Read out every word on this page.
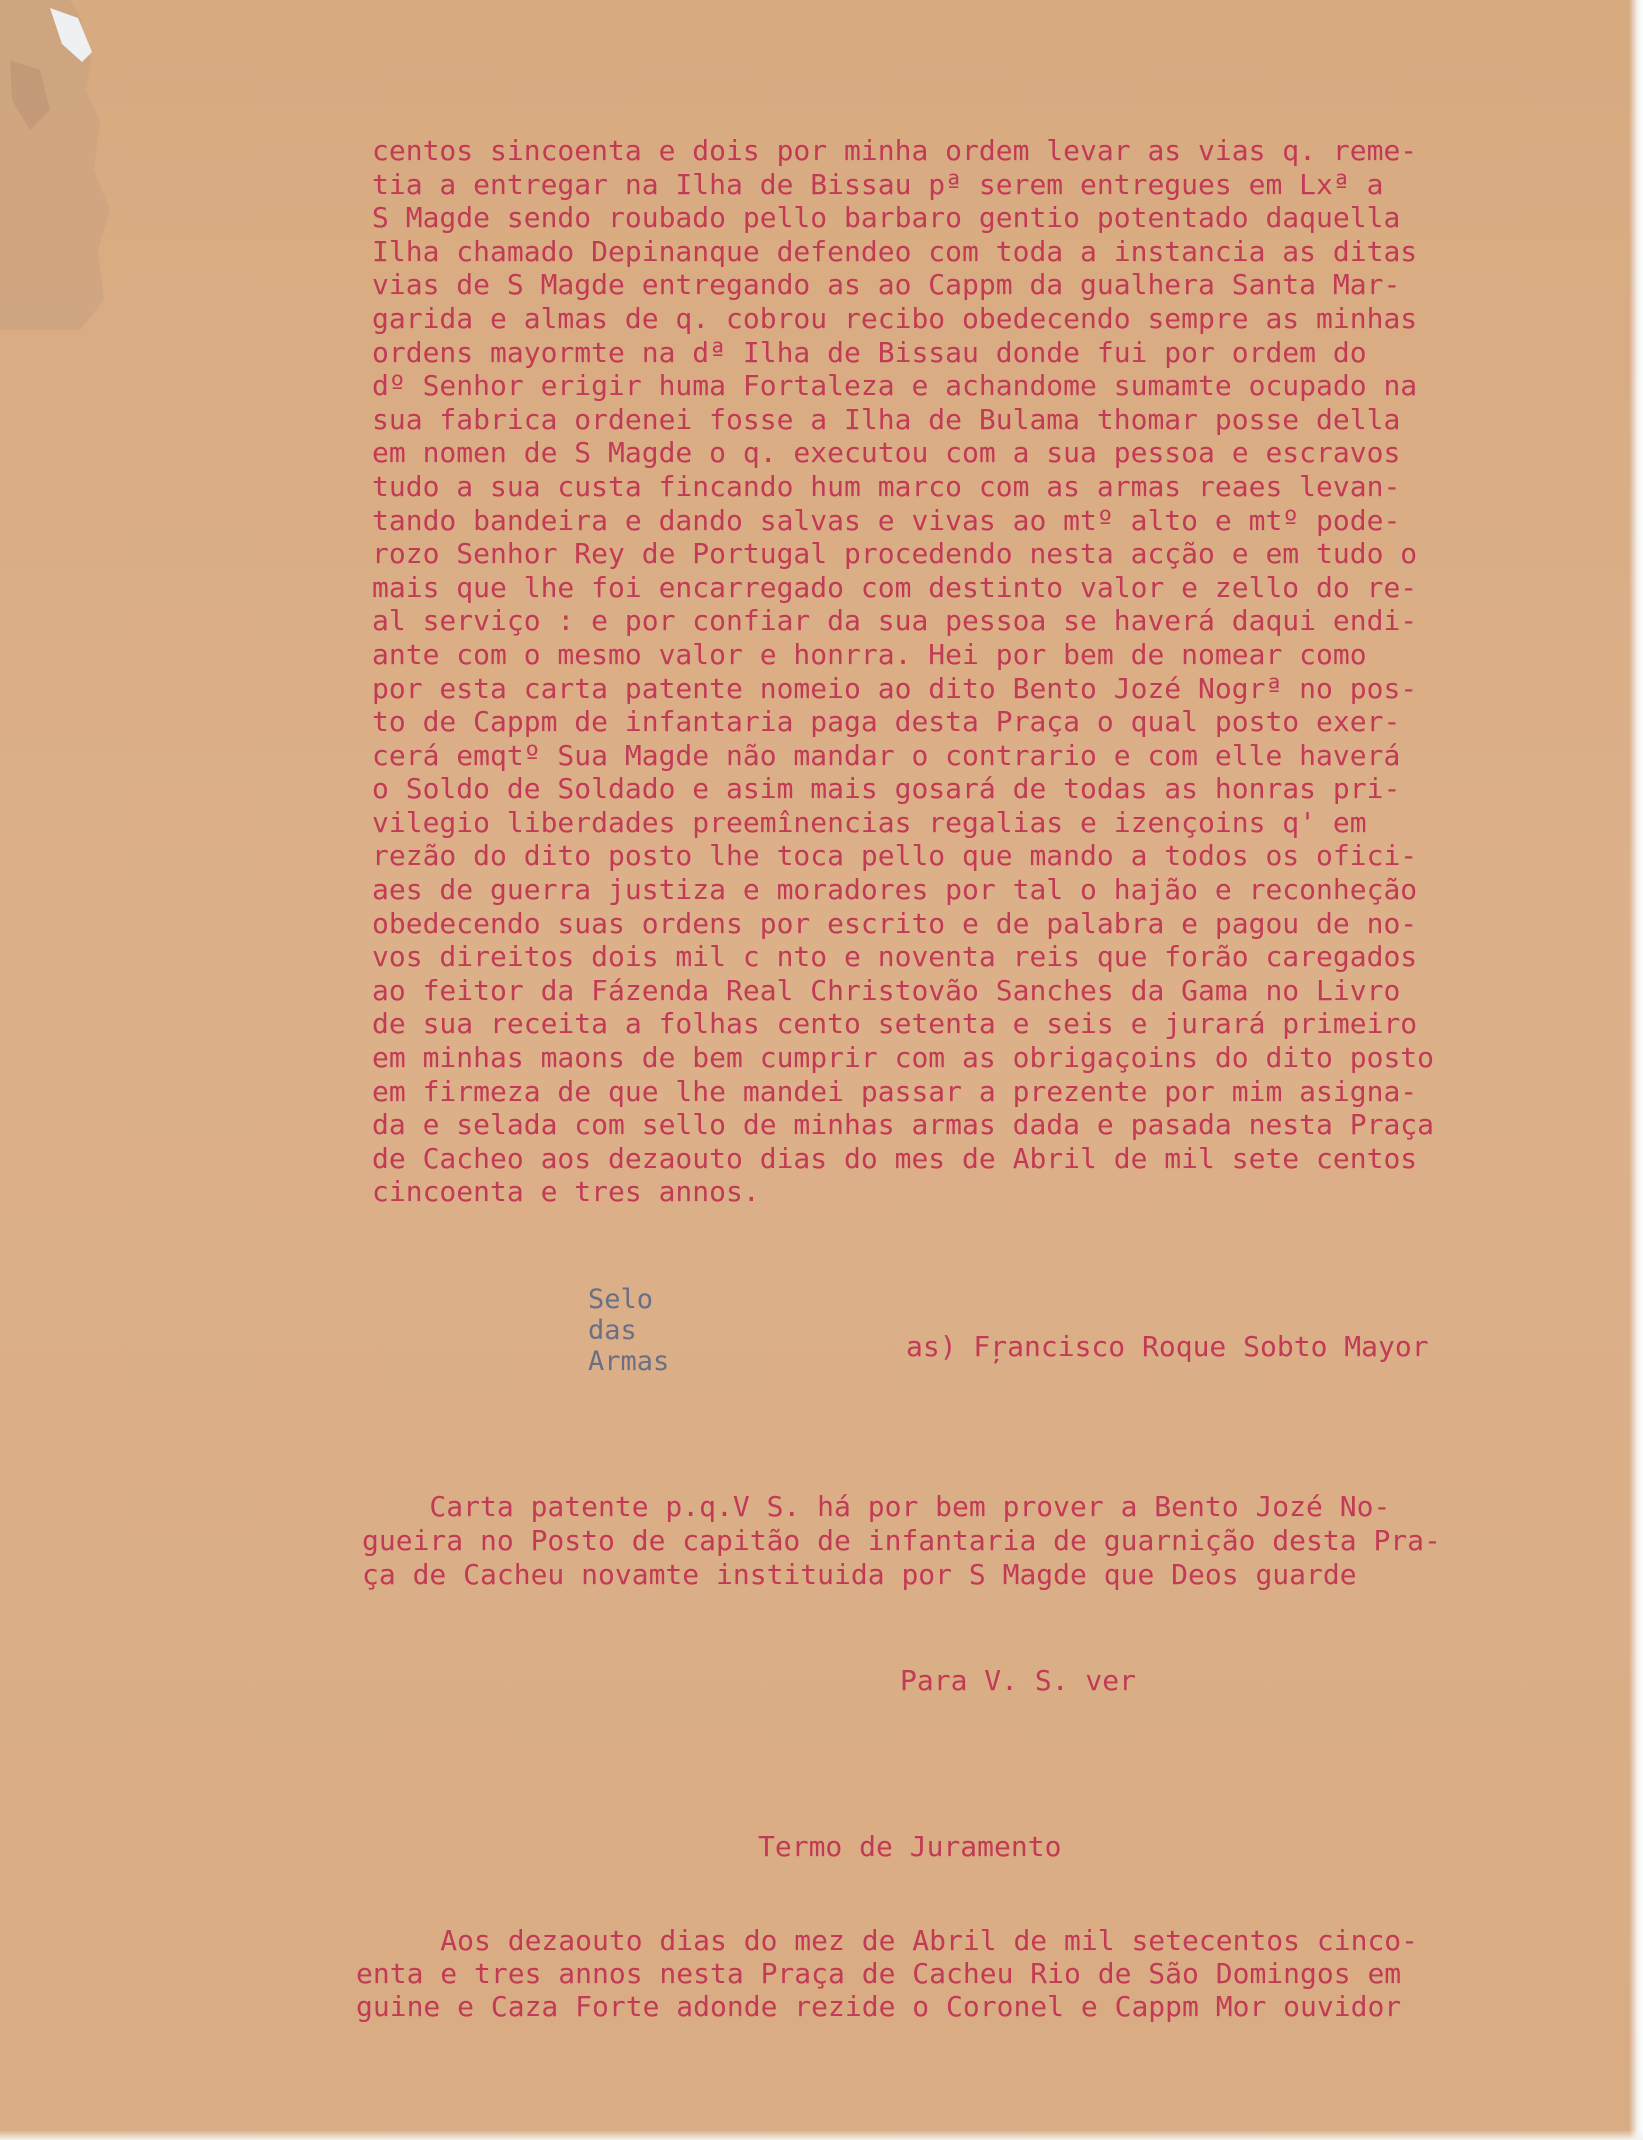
centos sincoenta e dois por minha ordem levar as vias q. reme-
tia a entregar na Ilha de Bissau pª serem entregues em Lxª a
S Magde sendo roubado pello barbaro gentio potentado daquella
Ilha chamado Depinanque defendeo com toda a instancia as ditas
vias de S Magde entregando as ao Cappm da gualhera Santa Mar-
garida e almas de q. cobrou recibo obedecendo sempre as minhas
ordens mayormte na dª Ilha de Bissau donde fui por ordem do
dº Senhor erigir huma Fortaleza e achandome sumamte ocupado na
sua fabrica ordenei fosse a Ilha de Bulama thomar posse della
em nomen de S Magde o q. executou com a sua pessoa e escravos
tudo a sua custa fincando hum marco com as armas reaes levan-
tando bandeira e dando salvas e vivas ao mtº alto e mtº pode-
rozo Senhor Rey de Portugal procedendo nesta acção e em tudo o
mais que lhe foi encarregado com destinto valor e zello do re-
al serviço : e por confiar da sua pessoa se haverá daqui endi-
ante com o mesmo valor e honrra. Hei por bem de nomear como
por esta carta patente nomeio ao dito Bento Jozé Nogrª no pos-
to de Cappm de infantaria paga desta Praça o qual posto exer-
cerá emqtº Sua Magde não mandar o contrario e com elle haverá
o Soldo de Soldado e asim mais gosará de todas as honras pri-
vilegio liberdades preemînencias regalias e izençoins q' em
rezão do dito posto lhe toca pello que mando a todos os ofici-
aes de guerra justiza e moradores por tal o hajão e reconheção
obedecendo suas ordens por escrito e de palabra e pagou de no-
vos direitos dois mil c nto e noventa reis que forão caregados
ao feitor da Fázenda Real Christovão Sanches da Gama no Livro
de sua receita a folhas cento setenta e seis e jurará primeiro
em minhas maons de bem cumprir com as obrigaçoins do dito posto
em firmeza de que lhe mandei passar a prezente por mim asigna-
da e selada com sello de minhas armas dada e pasada nesta Praça
de Cacheo aos dezaouto dias do mes de Abril de mil sete centos
cincoenta e tres annos.
Selo
das
Armas	as) Fŗancisco Roque Sobto Mayor
Carta patente p.q.V S. há por bem prover a Bento Jozé No-
gueira no Posto de capitão de infantaria de guarnição desta Pra-
ça de Cacheu novamte instituida por S Magde que Deos guarde
Para V. S. ver
Termo de Juramento
Aos dezaouto dias do mez de Abril de mil setecentos cinco-
enta e tres annos nesta Praça de Cacheu Rio de São Domingos em
guine e Caza Forte adonde rezide o Coronel e Cappm Mor ouvidor
